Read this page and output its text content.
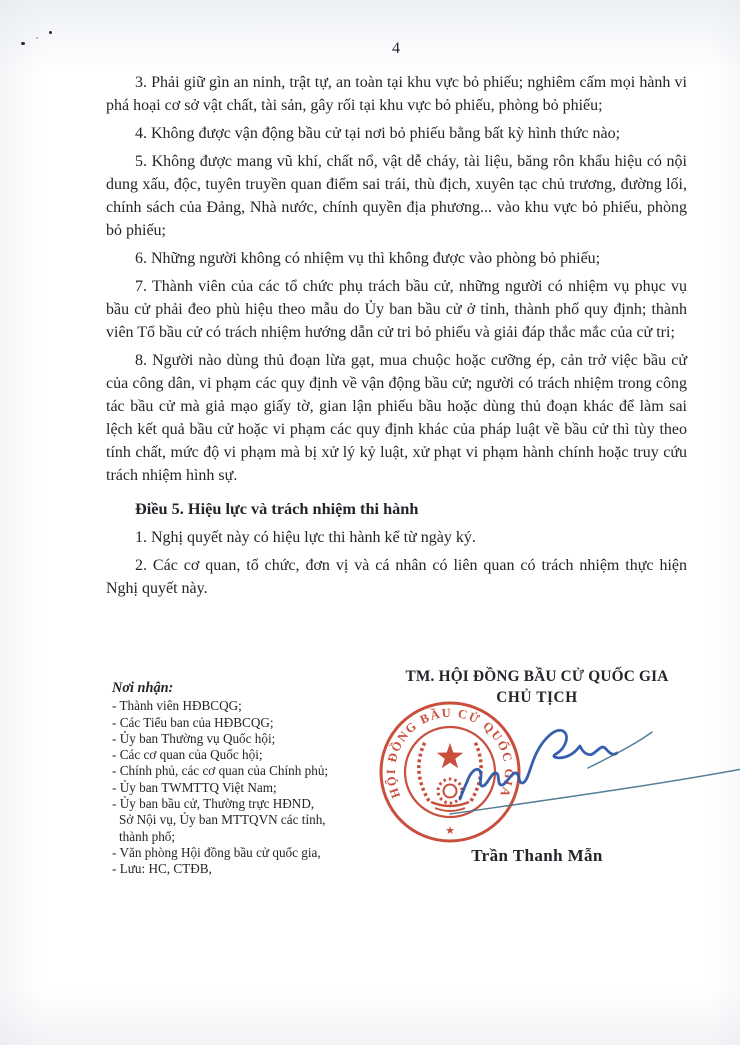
4

3. Phải giữ gìn an ninh, trật tự, an toàn tại khu vực bỏ phiếu; nghiêm cấm mọi hành vi phá hoại cơ sở vật chất, tài sản, gây rối tại khu vực bỏ phiếu, phòng bỏ phiếu;

4. Không được vận động bầu cử tại nơi bỏ phiếu bằng bất kỳ hình thức nào;

5. Không được mang vũ khí, chất nổ, vật dễ cháy, tài liệu, băng rôn khẩu hiệu có nội dung xấu, độc, tuyên truyền quan điểm sai trái, thù địch, xuyên tạc chủ trương, đường lối, chính sách của Đảng, Nhà nước, chính quyền địa phương... vào khu vực bỏ phiếu, phòng bỏ phiếu;

6. Những người không có nhiệm vụ thì không được vào phòng bỏ phiếu;

7. Thành viên của các tổ chức phụ trách bầu cử, những người có nhiệm vụ phục vụ bầu cử phải đeo phù hiệu theo mẫu do Ủy ban bầu cử ở tỉnh, thành phố quy định; thành viên Tổ bầu cử có trách nhiệm hướng dẫn cử tri bỏ phiếu và giải đáp thắc mắc của cử tri;

8. Người nào dùng thủ đoạn lừa gạt, mua chuộc hoặc cưỡng ép, cản trở việc bầu cử của công dân, vi phạm các quy định về vận động bầu cử; người có trách nhiệm trong công tác bầu cử mà giả mạo giấy tờ, gian lận phiếu bầu hoặc dùng thủ đoạn khác để làm sai lệch kết quả bầu cử hoặc vi phạm các quy định khác của pháp luật về bầu cử thì tùy theo tính chất, mức độ vi phạm mà bị xử lý kỷ luật, xử phạt vi phạm hành chính hoặc truy cứu trách nhiệm hình sự.

Điều 5. Hiệu lực và trách nhiệm thi hành

1. Nghị quyết này có hiệu lực thi hành kể từ ngày ký.

2. Các cơ quan, tổ chức, đơn vị và cá nhân có liên quan có trách nhiệm thực hiện Nghị quyết này.

Nơi nhận:
- Thành viên HĐBCQG;
- Các Tiểu ban của HĐBCQG;
- Ủy ban Thường vụ Quốc hội;
- Các cơ quan của Quốc hội;
- Chính phủ, các cơ quan của Chính phủ;
- Ủy ban TWMTTQ Việt Nam;
- Ủy ban bầu cử, Thường trực HĐND,
Sở Nội vụ, Ủy ban MTTQVN các tỉnh,
thành phố;
- Văn phòng Hội đồng bầu cử quốc gia,
- Lưu: HC, CTĐB,
TM. HỘI ĐỒNG BẦU CỬ QUỐC GIA
CHỦ TỊCH
HỘI ĐỒNG BẦU CỬ QUỐC GIA
★
Trần Thanh Mẫn
